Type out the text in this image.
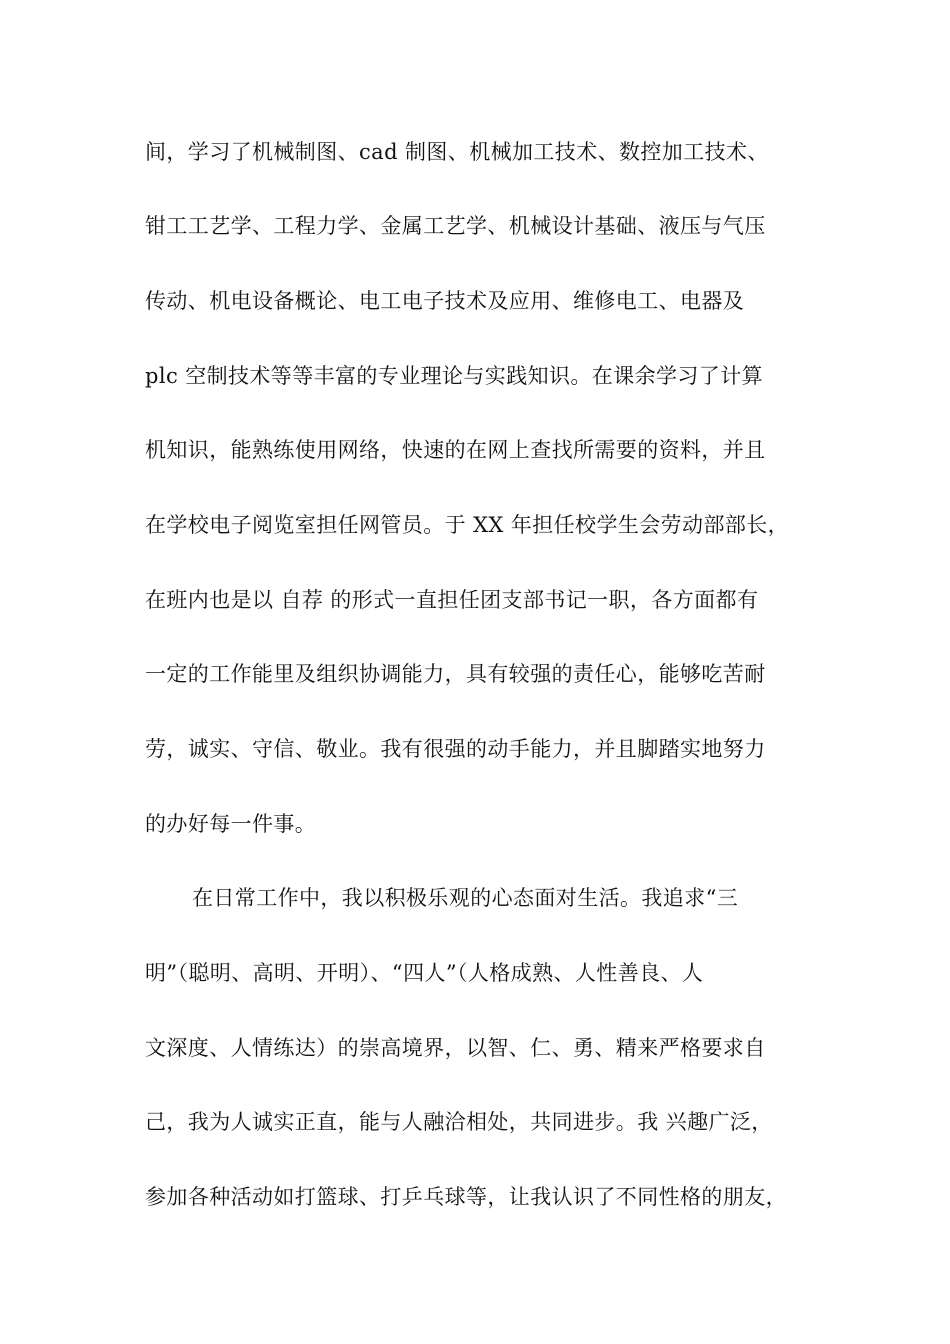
间，学习了机械制图、cad 制图、机械加工技术、数控加工技术、
钳工工艺学、工程力学、金属工艺学、机械设计基础、液压与气压
传动、机电设备概论、电工电子技术及应用、维修电工、电器及
plc 空制技术等等丰富的专业理论与实践知识。在课余学习了计算
机知识，能熟练使用网络，快速的在网上查找所需要的资料，并且
在学校电子阅览室担任网管员。于 XX 年担任校学生会劳动部部长，
在班内也是以 自荐 的形式一直担任团支部书记一职，各方面都有
一定的工作能里及组织协调能力，具有较强的责任心，能够吃苦耐
劳，诚实、守信、敬业。我有很强的动手能力，并且脚踏实地努力
的办好每一件事。
在日常工作中，我以积极乐观的心态面对生活。我追求“三
明”（聪明、高明、开明）、“四人”（人格成熟、人性善良、人
文深度、人情练达）的崇高境界，以智、仁、勇、精来严格要求自
己，我为人诚实正直，能与人融洽相处，共同进步。我 兴趣广泛，
参加各种活动如打篮球、打乒乓球等，让我认识了不同性格的朋友，
